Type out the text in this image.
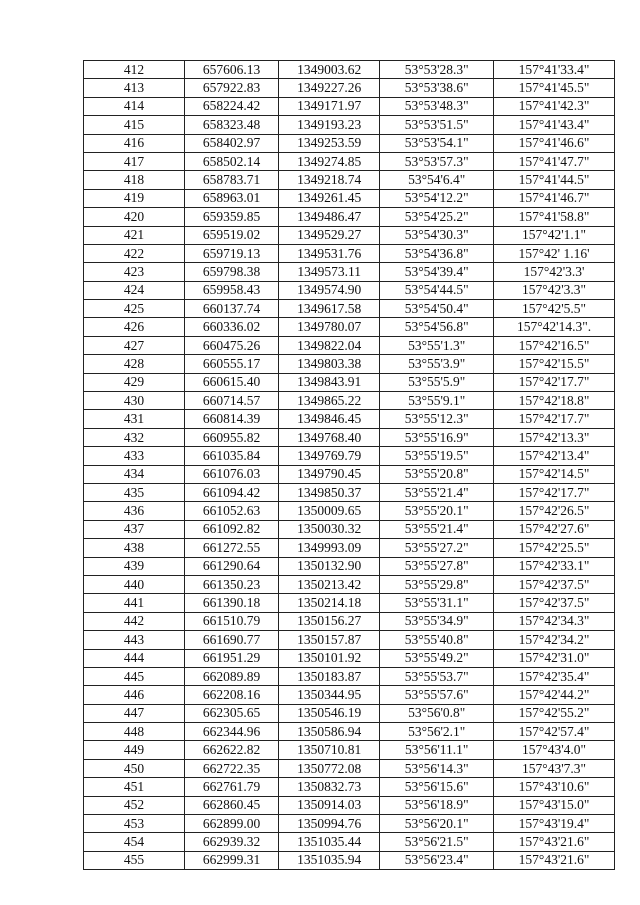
412	657606.13	1349003.62	53°53'28.3"	157°41'33.4"
413	657922.83	1349227.26	53°53'38.6"	157°41'45.5"
414	658224.42	1349171.97	53°53'48.3"	157°41'42.3"
415	658323.48	1349193.23	53°53'51.5"	157°41'43.4"
416	658402.97	1349253.59	53°53'54.1"	157°41'46.6"
417	658502.14	1349274.85	53°53'57.3"	157°41'47.7"
418	658783.71	1349218.74	53°54'6.4"	157°41'44.5"
419	658963.01	1349261.45	53°54'12.2"	157°41'46.7"
420	659359.85	1349486.47	53°54'25.2"	157°41'58.8"
421	659519.02	1349529.27	53°54'30.3"	157°42'1.1"
422	659719.13	1349531.76	53°54'36.8"	157°42' 1.16'
423	659798.38	1349573.11	53°54'39.4"	157°42'3.3'
424	659958.43	1349574.90	53°54'44.5"	157°42'3.3"
425	660137.74	1349617.58	53°54'50.4"	157°42'5.5"
426	660336.02	1349780.07	53°54'56.8"	157°42'14.3".
427	660475.26	1349822.04	53°55'1.3"	157°42'16.5"
428	660555.17	1349803.38	53°55'3.9"	157°42'15.5"
429	660615.40	1349843.91	53°55'5.9"	157°42'17.7"
430	660714.57	1349865.22	53°55'9.1"	157°42'18.8"
431	660814.39	1349846.45	53°55'12.3"	157°42'17.7"
432	660955.82	1349768.40	53°55'16.9"	157°42'13.3"
433	661035.84	1349769.79	53°55'19.5"	157°42'13.4"
434	661076.03	1349790.45	53°55'20.8"	157°42'14.5"
435	661094.42	1349850.37	53°55'21.4"	157°42'17.7"
436	661052.63	1350009.65	53°55'20.1"	157°42'26.5"
437	661092.82	1350030.32	53°55'21.4"	157°42'27.6"
438	661272.55	1349993.09	53°55'27.2"	157°42'25.5"
439	661290.64	1350132.90	53°55'27.8"	157°42'33.1"
440	661350.23	1350213.42	53°55'29.8"	157°42'37.5"
441	661390.18	1350214.18	53°55'31.1"	157°42'37.5"
442	661510.79	1350156.27	53°55'34.9"	157°42'34.3"
443	661690.77	1350157.87	53°55'40.8"	157°42'34.2"
444	661951.29	1350101.92	53°55'49.2"	157°42'31.0"
445	662089.89	1350183.87	53°55'53.7"	157°42'35.4"
446	662208.16	1350344.95	53°55'57.6"	157°42'44.2"
447	662305.65	1350546.19	53°56'0.8"	157°42'55.2"
448	662344.96	1350586.94	53°56'2.1"	157°42'57.4"
449	662622.82	1350710.81	53°56'11.1"	157°43'4.0"
450	662722.35	1350772.08	53°56'14.3"	157°43'7.3"
451	662761.79	1350832.73	53°56'15.6"	157°43'10.6"
452	662860.45	1350914.03	53°56'18.9"	157°43'15.0"
453	662899.00	1350994.76	53°56'20.1"	157°43'19.4"
454	662939.32	1351035.44	53°56'21.5"	157°43'21.6"
455	662999.31	1351035.94	53°56'23.4"	157°43'21.6"
